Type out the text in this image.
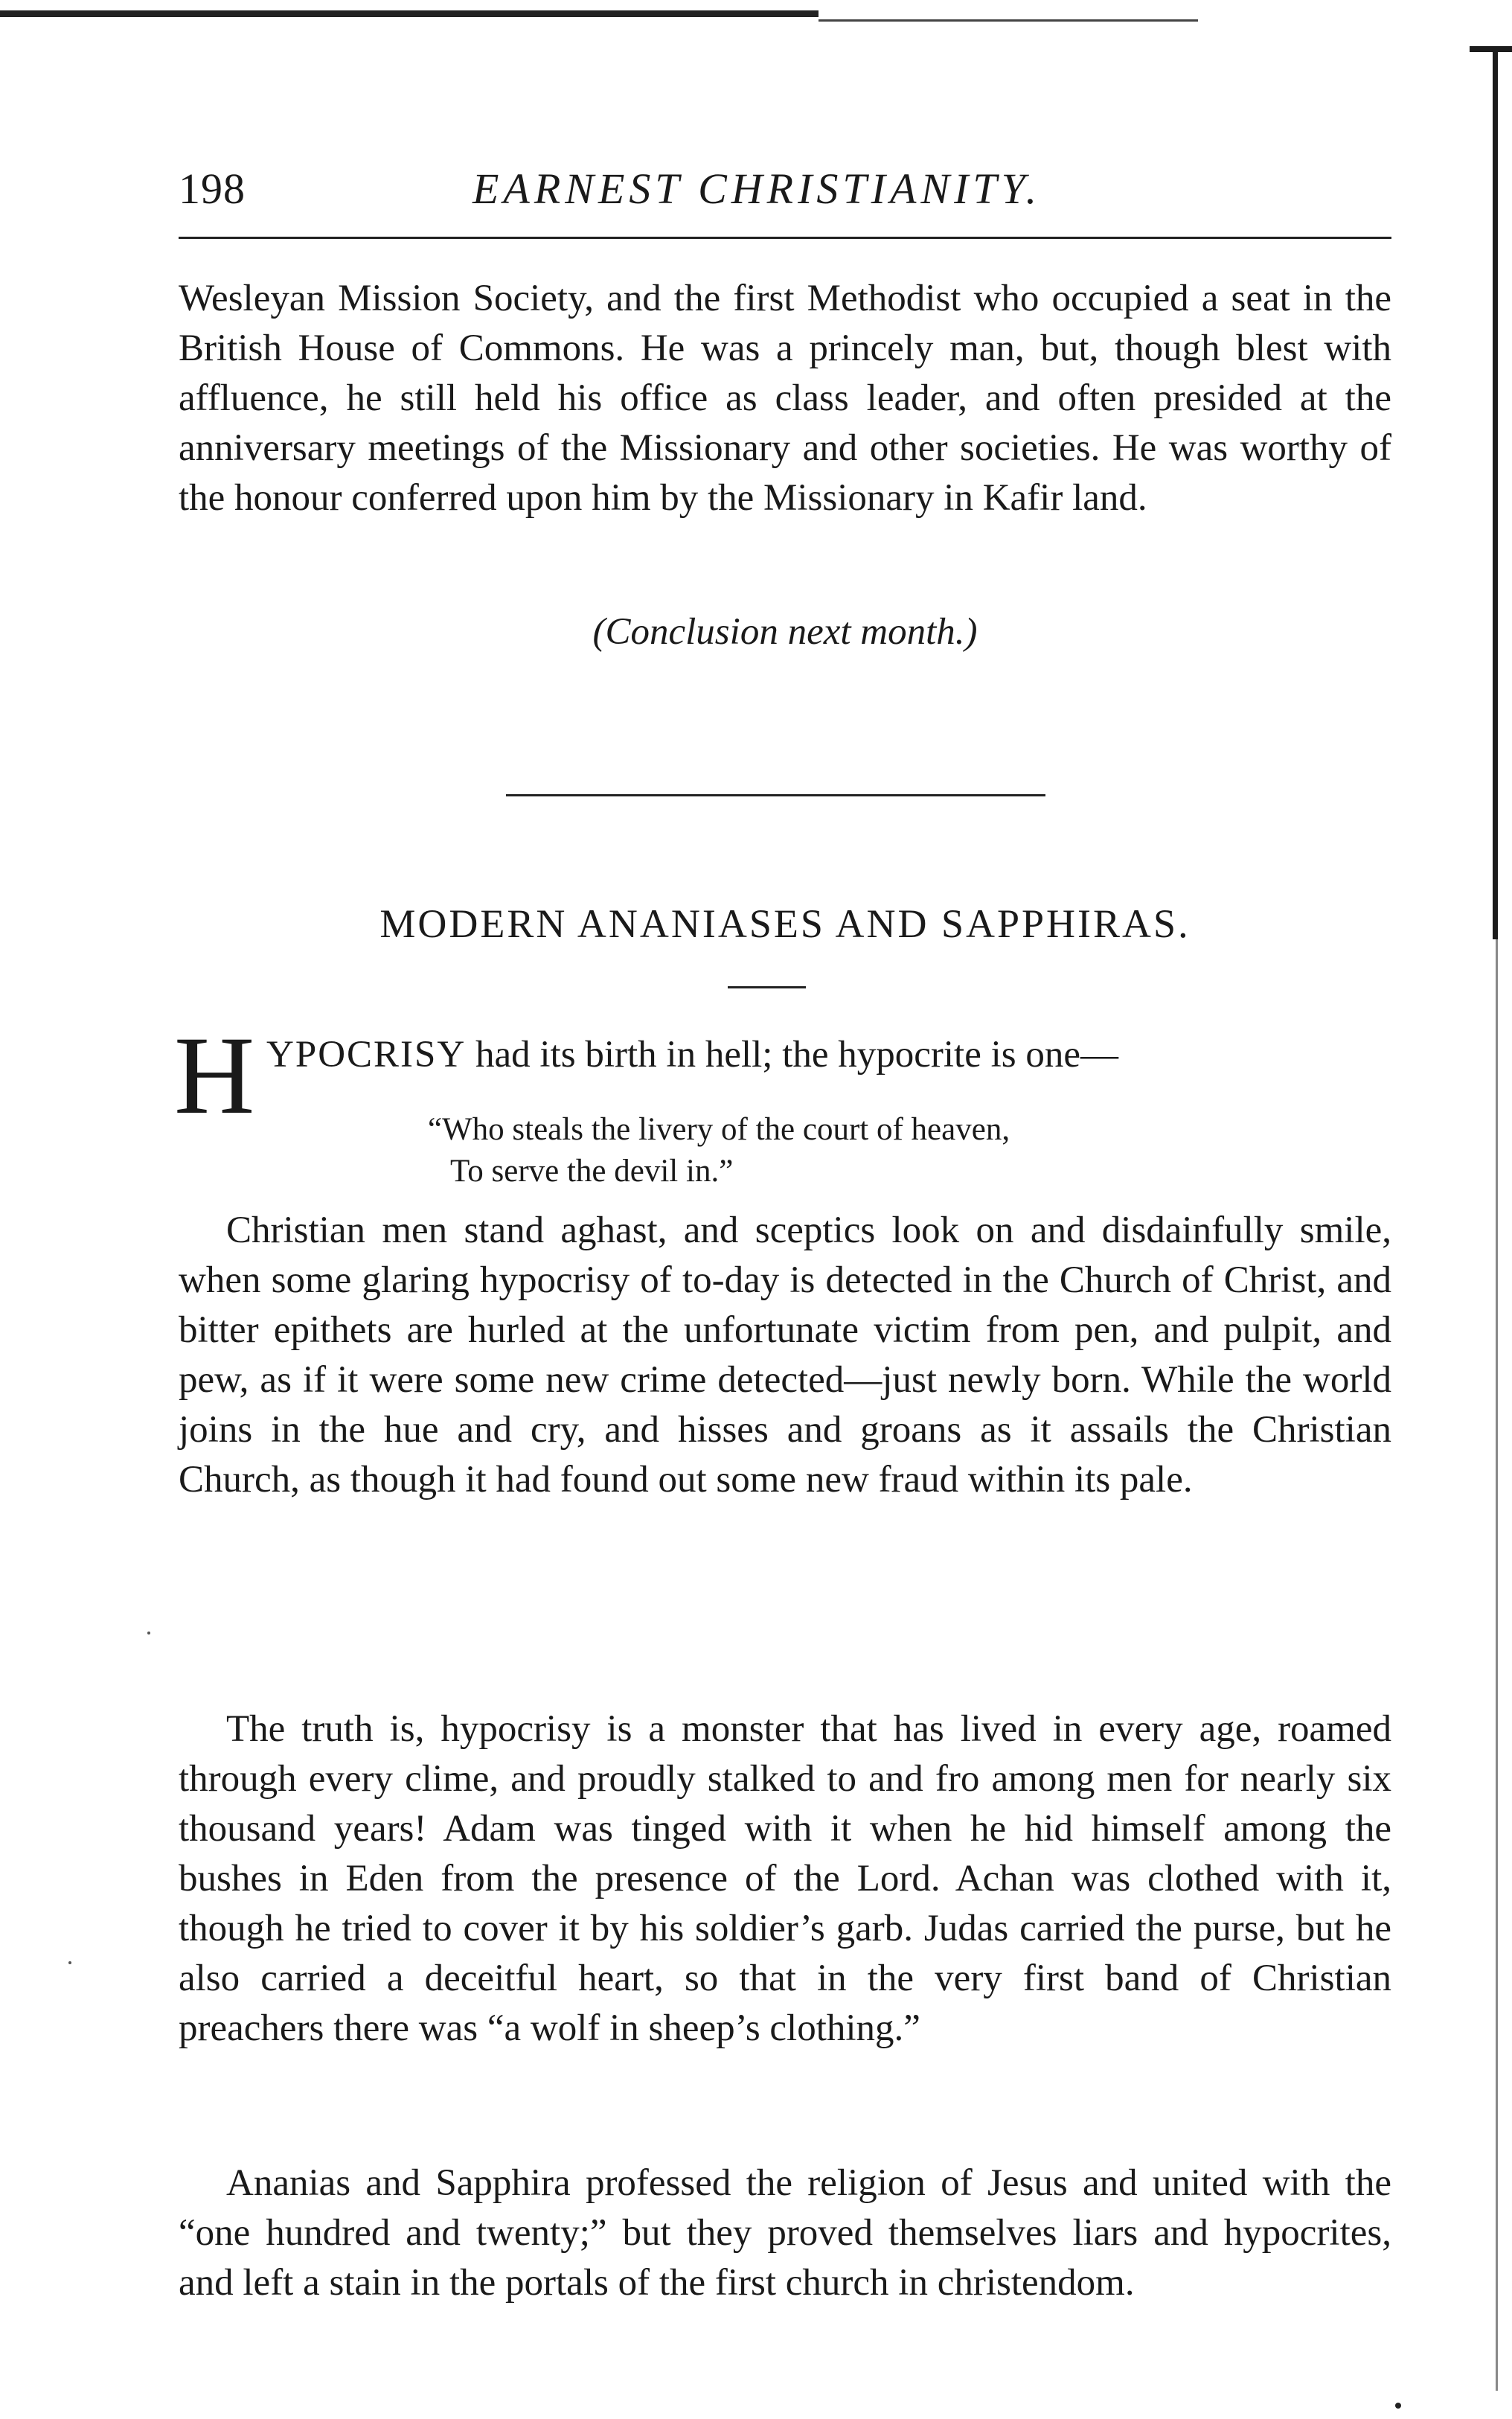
198	EARNEST CHRISTIANITY.

Wesleyan Mission Society, and the first Methodist who occupied a seat in the British House of Commons. He was a princely man, but, though blest with affluence, he still held his office as class leader, and often presided at the anniversary meetings of the Missionary and other societies. He was worthy of the honour conferred upon him by the Missionary in Kafir land.

(Conclusion next month.)
MODERN ANANIASES AND SAPPHIRAS.
H YPOCRISY had its birth in hell; the hypocrite is one—
“Who steals the livery of the court of heaven,
To serve the devil in.”

Christian men stand aghast, and sceptics look on and disdainfully smile, when some glaring hypocrisy of to-day is detected in the Church of Christ, and bitter epithets are hurled at the unfortunate victim from pen, and pulpit, and pew, as if it were some new crime detected—just newly born. While the world joins in the hue and cry, and hisses and groans as it assails the Christian Church, as though it had found out some new fraud within its pale.

The truth is, hypocrisy is a monster that has lived in every age, roamed through every clime, and proudly stalked to and fro among men for nearly six thousand years! Adam was tinged with it when he hid himself among the bushes in Eden from the presence of the Lord. Achan was clothed with it, though he tried to cover it by his soldier’s garb. Judas carried the purse, but he also carried a deceitful heart, so that in the very first band of Christian preachers there was “a wolf in sheep’s clothing.”

Ananias and Sapphira professed the religion of Jesus and united with the “one hundred and twenty;” but they proved themselves liars and hypocrites, and left a stain in the portals of the first church in christendom.
